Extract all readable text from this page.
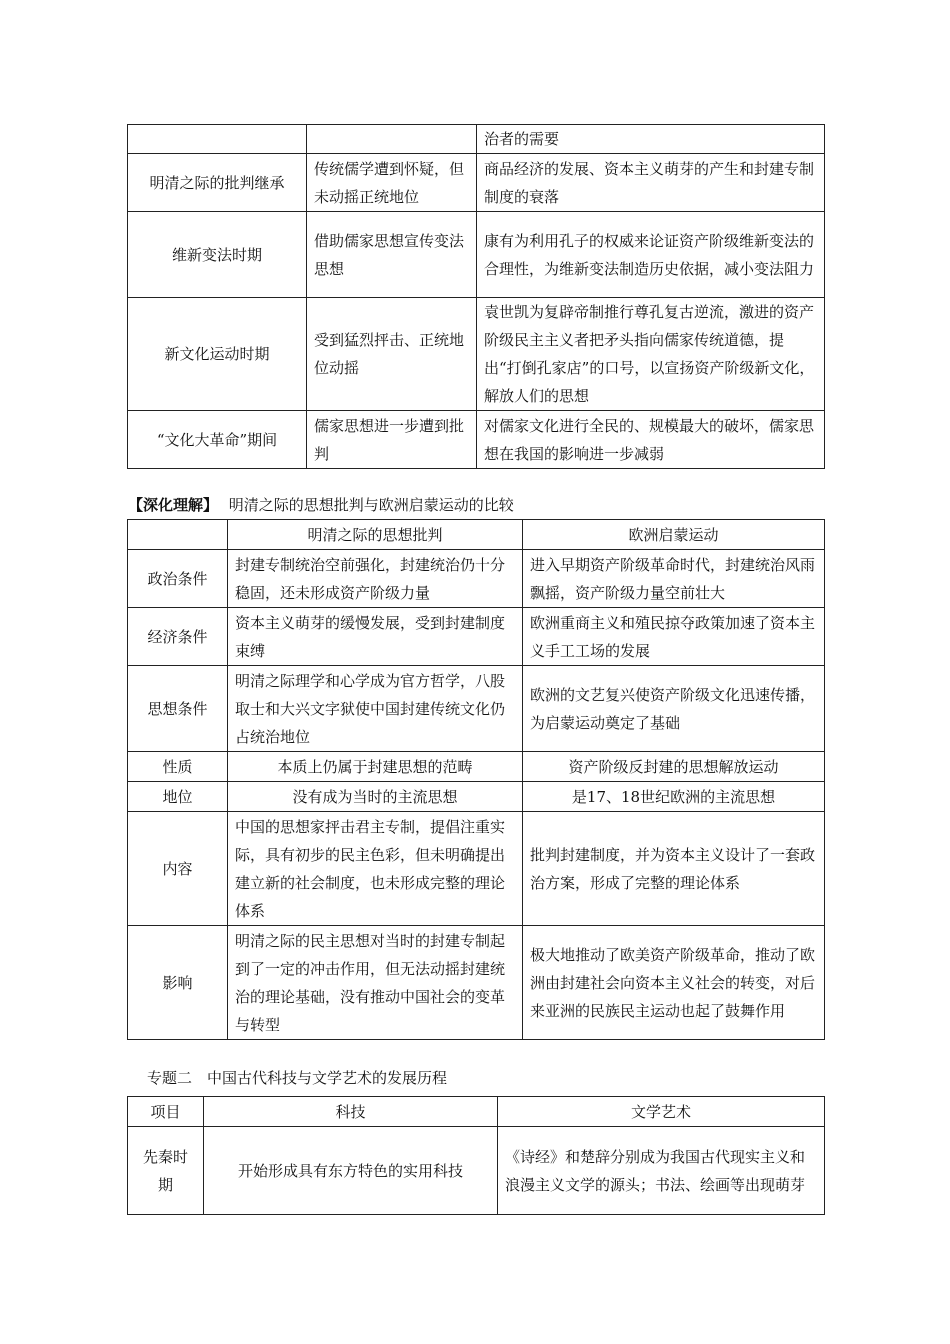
		治者的需要
明清之际的批判继承	传统儒学遭到怀疑，但未动摇正统地位	商品经济的发展、资本主义萌芽的产生和封建专制制度的衰落
维新变法时期	借助儒家思想宣传变法思想	康有为利用孔子的权威来论证资产阶级维新变法的合理性，为维新变法制造历史依据，减小变法阻力
新文化运动时期	受到猛烈抨击、正统地位动摇	袁世凯为复辟帝制推行尊孔复古逆流，激进的资产阶级民主主义者把矛头指向儒家传统道德，提出“打倒孔家店”的口号，以宣扬资产阶级新文化，解放人们的思想
“文化大革命”期间	儒家思想进一步遭到批判	对儒家文化进行全民的、规模最大的破坏，儒家思想在我国的影响进一步减弱
【深化理解】 明清之际的思想批判与欧洲启蒙运动的比较
	明清之际的思想批判	欧洲启蒙运动
政治条件	封建专制统治空前强化，封建统治仍十分稳固，还未形成资产阶级力量	进入早期资产阶级革命时代，封建统治风雨飘摇，资产阶级力量空前壮大
经济条件	资本主义萌芽的缓慢发展，受到封建制度束缚	欧洲重商主义和殖民掠夺政策加速了资本主义手工工场的发展
思想条件	明清之际理学和心学成为官方哲学，八股取士和大兴文字狱使中国封建传统文化仍占统治地位	欧洲的文艺复兴使资产阶级文化迅速传播，为启蒙运动奠定了基础
性质	本质上仍属于封建思想的范畴	资产阶级反封建的思想解放运动
地位	没有成为当时的主流思想	是17、18世纪欧洲的主流思想
内容	中国的思想家抨击君主专制，提倡注重实际，具有初步的民主色彩，但未明确提出建立新的社会制度，也未形成完整的理论体系	批判封建制度，并为资本主义设计了一套政治方案，形成了完整的理论体系
影响	明清之际的民主思想对当时的封建专制起到了一定的冲击作用，但无法动摇封建统治的理论基础，没有推动中国社会的变革与转型	极大地推动了欧美资产阶级革命，推动了欧洲由封建社会向资本主义社会的转变，对后来亚洲的民族民主运动也起了鼓舞作用
专题二　中国古代科技与文学艺术的发展历程
项目	科技	文学艺术
先秦时期	开始形成具有东方特色的实用科技	《诗经》和楚辞分别成为我国古代现实主义和浪漫主义文学的源头；书法、绘画等出现萌芽
